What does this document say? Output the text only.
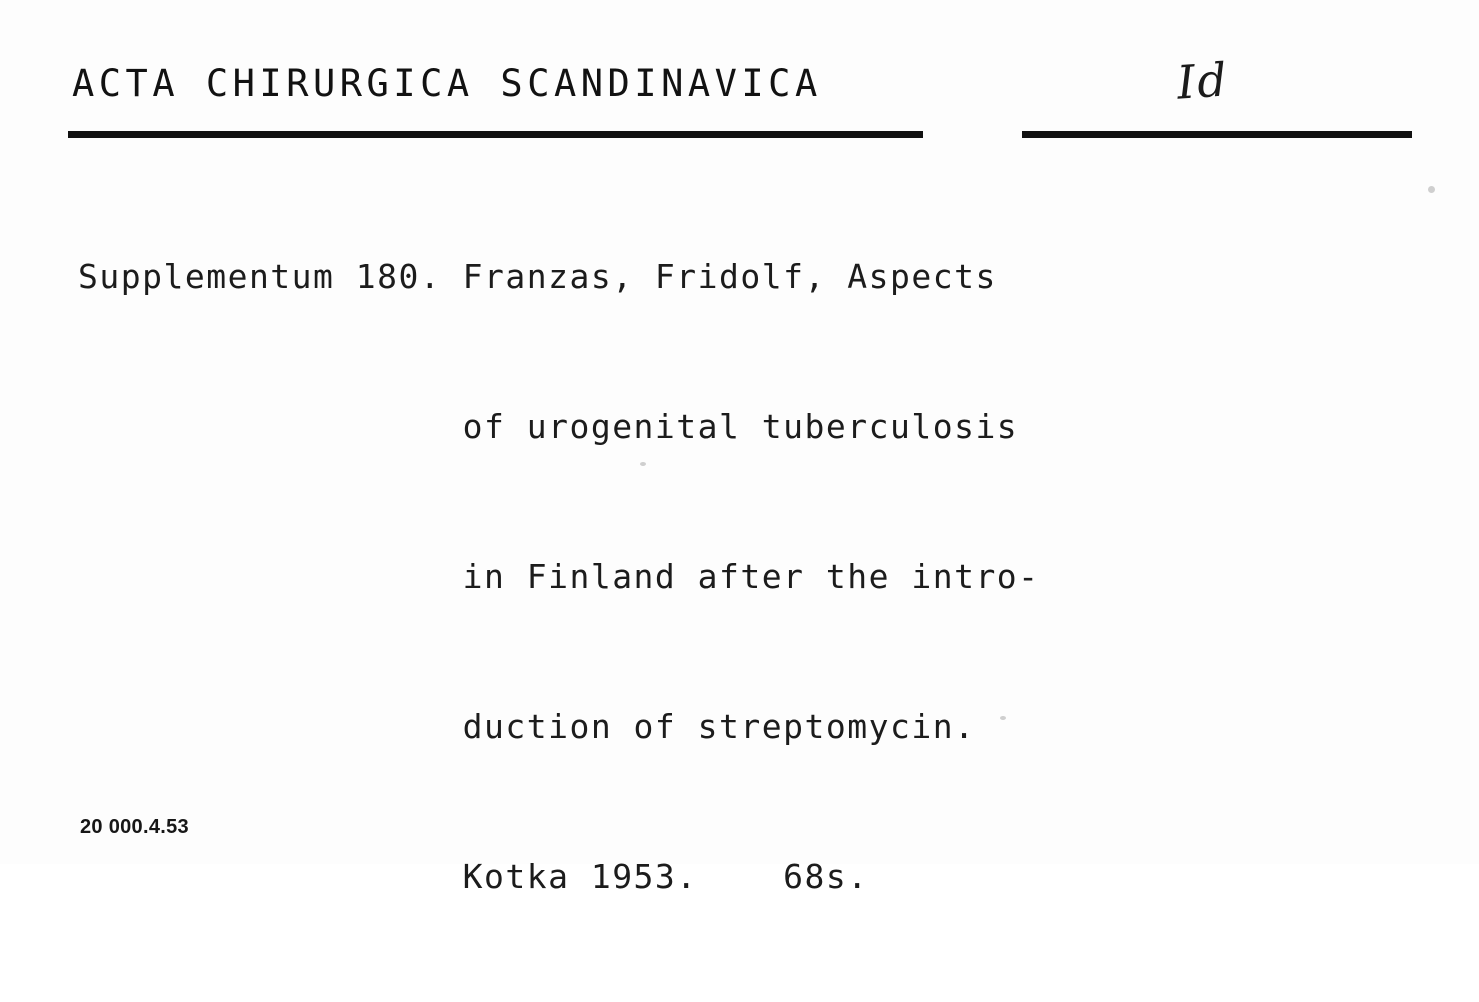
ACTA CHIRURGICA SCANDINAVICA	Id

Supplementum 180. Franzas, Fridolf, Aspects

of urogenital tuberculosis

in Finland after the intro-

duction of streptomycin.

Kotka 1953.    68s.

20 000.4.53
